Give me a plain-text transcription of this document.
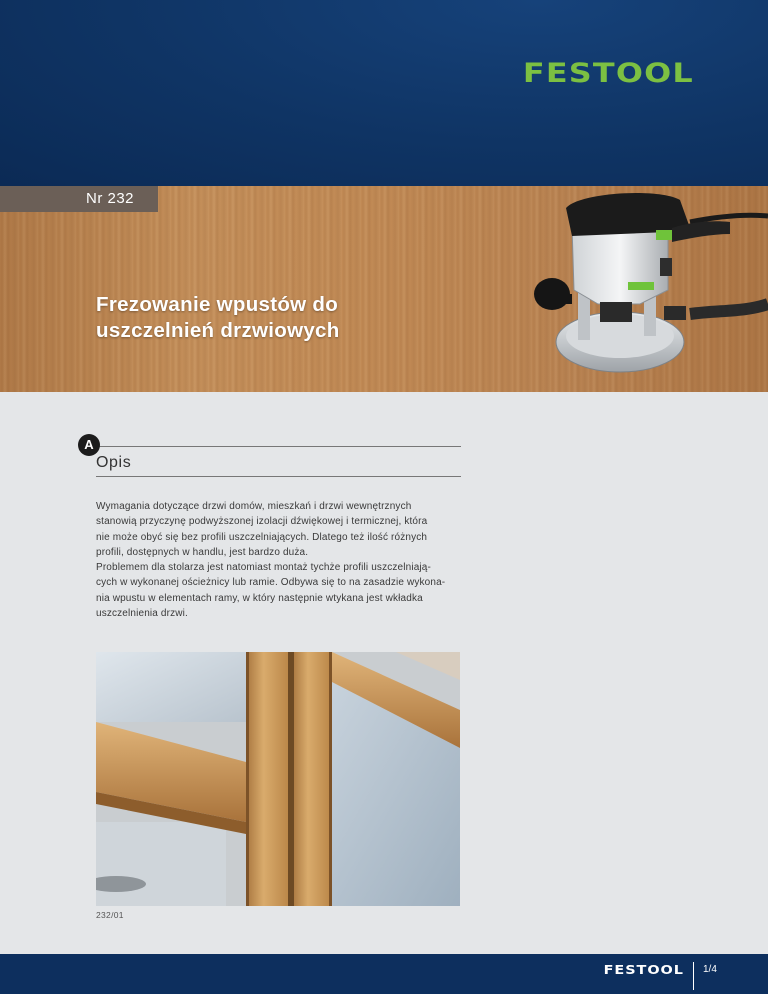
FESTOOL
Nr 232
Frezowanie wpustów do
uszczelnień drzwiowych
A
Opis

Wymagania dotyczące drzwi domów, mieszkań i drzwi wewnętrznych
stanowią przyczynę podwyższonej izolacji dźwiękowej i termicznej, która
nie może obyć się bez profili uszczelniających. Dlatego też ilość różnych
profili, dostępnych w handlu, jest bardzo duża.

Problemem dla stolarza jest natomiast montaż tychże profili uszczelniają-
cych w wykonanej ościeżnicy lub ramie. Odbywa się to na zasadzie wykona-
nia wpustu w elementach ramy, w który następnie wtykana jest wkładka
uszczelnienia drzwi.

232/01
FESTOOL 1/4
